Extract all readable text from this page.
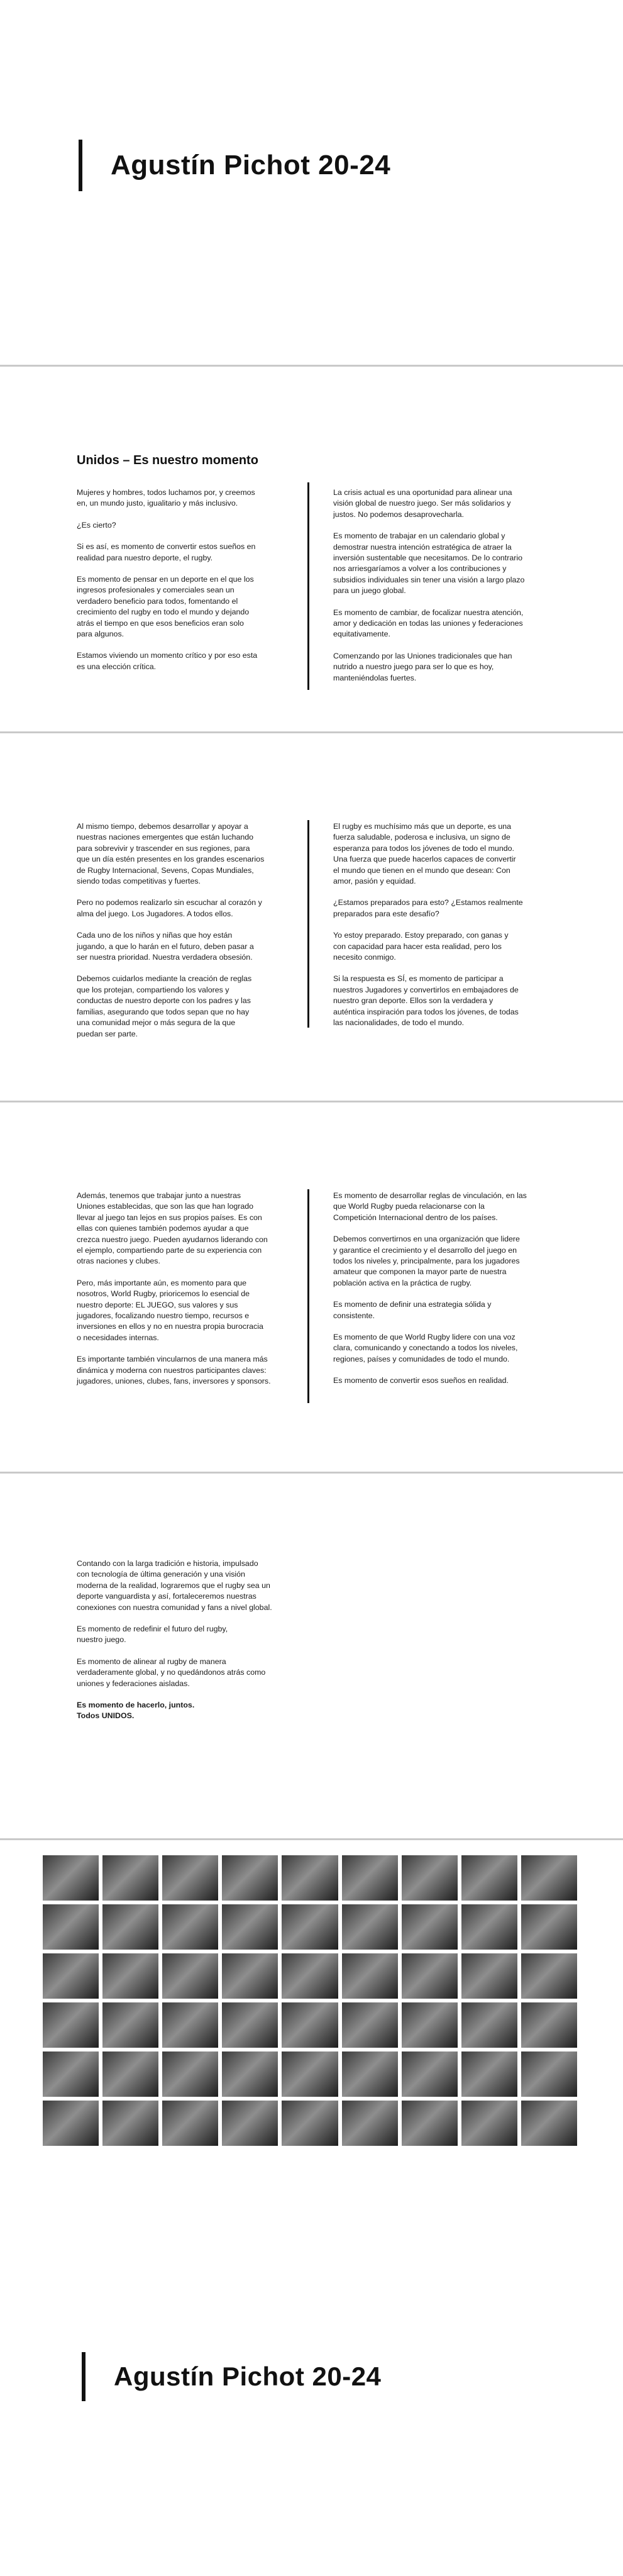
Agustín Pichot 20-24
Unidos – Es nuestro momento

Mujeres y hombres, todos luchamos por, y creemos
en, un mundo justo, igualitario y más inclusivo.

¿Es cierto?

Si es así, es momento de convertir estos sueños en
realidad para nuestro deporte, el rugby.

Es momento de pensar en un deporte en el que los
ingresos profesionales y comerciales sean un
verdadero beneficio para todos, fomentando el
crecimiento del rugby en todo el mundo y dejando
atrás el tiempo en que esos beneficios eran solo
para algunos.

Estamos viviendo un momento crítico y por eso esta
es una elección crítica.

La crisis actual es una oportunidad para alinear una
visión global de nuestro juego. Ser más solidarios y
justos. No podemos desaprovecharla.

Es momento de trabajar en un calendario global y
demostrar nuestra intención estratégica de atraer la
inversión sustentable que necesitamos. De lo contrario
nos arriesgaríamos a volver a los contribuciones y
subsidios individuales sin tener una visión a largo plazo
para un juego global.

Es momento de cambiar, de focalizar nuestra atención,
amor y dedicación en todas las uniones y federaciones
equitativamente.

Comenzando por las Uniones tradicionales que han
nutrido a nuestro juego para ser lo que es hoy,
manteniéndolas fuertes.

Al mismo tiempo, debemos desarrollar y apoyar a
nuestras naciones emergentes que están luchando
para sobrevivir y trascender en sus regiones, para
que un día estén presentes en los grandes escenarios
de Rugby Internacional, Sevens, Copas Mundiales,
siendo todas competitivas y fuertes.

Pero no podemos realizarlo sin escuchar al corazón y
alma del juego. Los Jugadores. A todos ellos.

Cada uno de los niños y niñas que hoy están
jugando, a que lo harán en el futuro, deben pasar a
ser nuestra prioridad. Nuestra verdadera obsesión.

Debemos cuidarlos mediante la creación de reglas
que los protejan, compartiendo los valores y
conductas de nuestro deporte con los padres y las
familias, asegurando que todos sepan que no hay
una comunidad mejor o más segura de la que
puedan ser parte.

El rugby es muchísimo más que un deporte, es una
fuerza saludable, poderosa e inclusiva, un signo de
esperanza para todos los jóvenes de todo el mundo.
Una fuerza que puede hacerlos capaces de convertir
el mundo que tienen en el mundo que desean: Con
amor, pasión y equidad.

¿Estamos preparados para esto? ¿Estamos realmente
preparados para este desafío?

Yo estoy preparado. Estoy preparado, con ganas y
con capacidad para hacer esta realidad, pero los
necesito conmigo.

Si la respuesta es SÍ, es momento de participar a
nuestros Jugadores y convertirlos en embajadores de
nuestro gran deporte. Ellos son la verdadera y
auténtica inspiración para todos los jóvenes, de todas
las nacionalidades, de todo el mundo.

Además, tenemos que trabajar junto a nuestras
Uniones establecidas, que son las que han logrado
llevar al juego tan lejos en sus propios países. Es con
ellas con quienes también podemos ayudar a que
crezca nuestro juego. Pueden ayudarnos liderando con
el ejemplo, compartiendo parte de su experiencia con
otras naciones y clubes.

Pero, más importante aún, es momento para que
nosotros, World Rugby, prioricemos lo esencial de
nuestro deporte: EL JUEGO, sus valores y sus
jugadores, focalizando nuestro tiempo, recursos e
inversiones en ellos y no en nuestra propia burocracia
o necesidades internas.

Es importante también vincularnos de una manera más
dinámica y moderna con nuestros participantes claves:
jugadores, uniones, clubes, fans, inversores y sponsors.

Es momento de desarrollar reglas de vinculación, en las
que World Rugby pueda relacionarse con la
Competición Internacional dentro de los países.

Debemos convertirnos en una organización que lidere
y garantice el crecimiento y el desarrollo del juego en
todos los niveles y, principalmente, para los jugadores
amateur que componen la mayor parte de nuestra
población activa en la práctica de rugby.

Es momento de definir una estrategia sólida y
consistente.

Es momento de que World Rugby lidere con una voz
clara, comunicando y conectando a todos los niveles,
regiones, países y comunidades de todo el mundo.

Es momento de convertir esos sueños en realidad.

Contando con la larga tradición e historia, impulsado
con tecnología de última generación y una visión
moderna de la realidad, lograremos que el rugby sea un
deporte vanguardista y así, fortaleceremos nuestras
conexiones con nuestra comunidad y fans a nivel global.

Es momento de redefinir el futuro del rugby,
nuestro juego.

Es momento de alinear al rugby de manera
verdaderamente global, y no quedándonos atrás como
uniones y federaciones aisladas.

Es momento de hacerlo, juntos.
Todos UNIDOS.

Agustín Pichot 20-24
